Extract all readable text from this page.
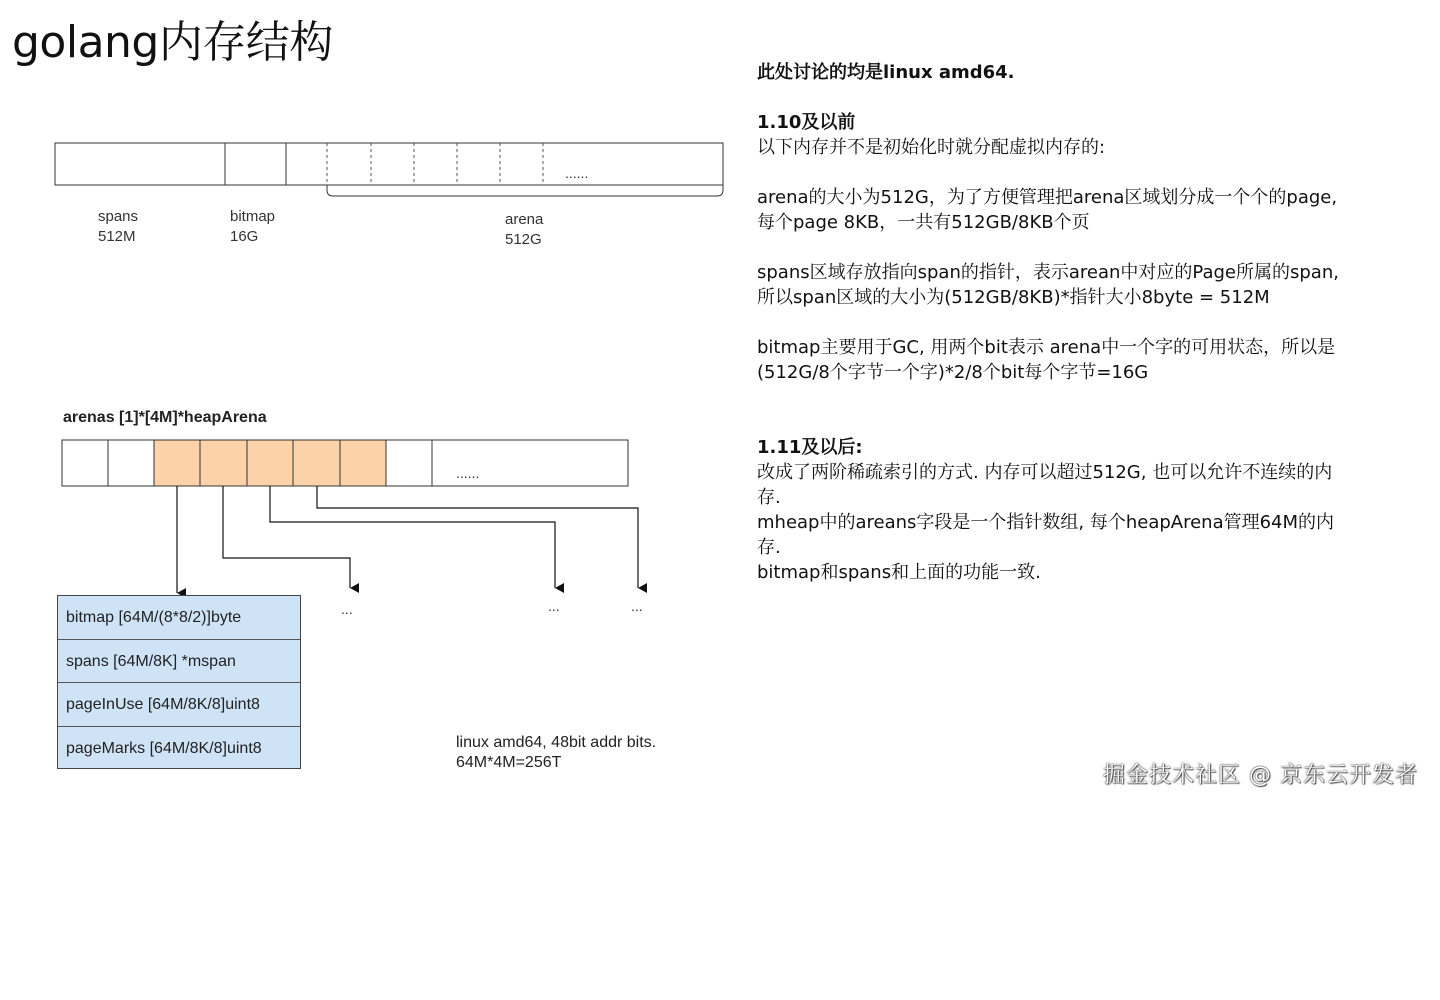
golang内存结构
......
spans
512M
bitmap
16G
arena
512G
arenas [1]*[4M]*heapArena
......
...	...	...
bitmap [64M/(8*8/2)]byte
spans [64M/8K] *mspan
pageInUse [64M/8K/8]uint8
pageMarks [64M/8K/8]uint8	linux amd64, 48bit addr bits.
64M*4M=256T

此处讨论的均是linux amd64.

1.10及以前

以下内存并不是初始化时就分配虚拟内存的:

arena的大小为512G，为了方便管理把arena区域划分成一个个的page,

每个page 8KB，一共有512GB/8KB个页

spans区域存放指向span的指针，表示arean中对应的Page所属的span,

所以span区域的大小为(512GB/8KB)*指针大小8byte = 512M

bitmap主要用于GC, 用两个bit表示 arena中一个字的可用状态，所以是

(512G/8个字节一个字)*2/8个bit每个字节=16G

1.11及以后:

改成了两阶稀疏索引的方式. 内存可以超过512G, 也可以允许不连续的内

存.

mheap中的areans字段是一个指针数组, 每个heapArena管理64M的内

存.

bitmap和spans和上面的功能一致.

掘金技术社区 @ 京东云开发者
